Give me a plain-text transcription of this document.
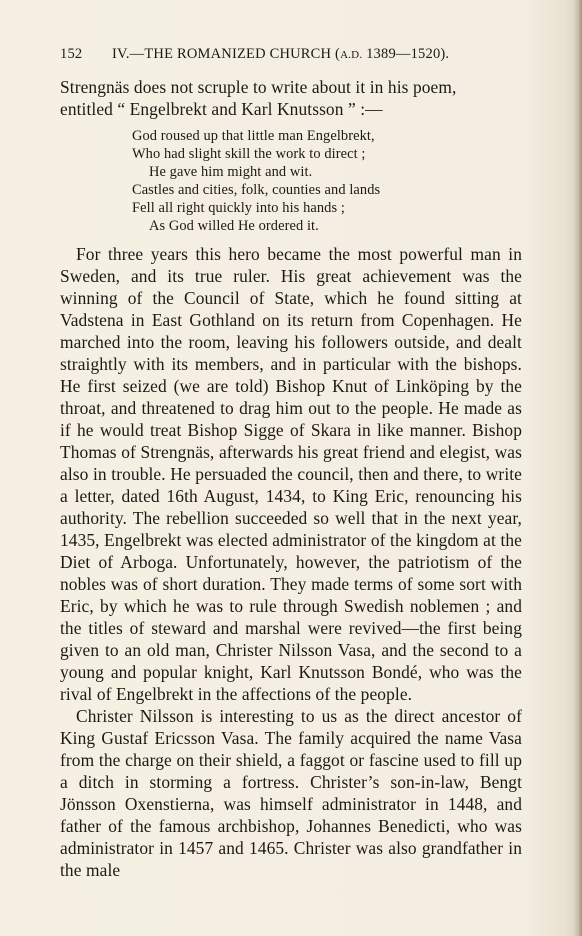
152	IV.—THE ROMANIZED CHURCH (A.D. 1389—1520).

Strengnäs does not scruple to write about it in his poem,
entitled “ Engelbrekt and Karl Knutsson ” :—

God roused up that little man Engelbrekt,
Who had slight skill the work to direct ;
He gave him might and wit.
Castles and cities, folk, counties and lands
Fell all right quickly into his hands ;
As God willed He ordered it.

For three years this hero became the most powerful man in Sweden, and its true ruler. His great achievement was the winning of the Council of State, which he found sitting at Vadstena in East Gothland on its return from Copenhagen. He marched into the room, leaving his followers outside, and dealt straightly with its members, and in particular with the bishops. He first seized (we are told) Bishop Knut of Linköping by the throat, and threatened to drag him out to the people. He made as if he would treat Bishop Sigge of Skara in like manner. Bishop Thomas of Strengnäs, afterwards his great friend and elegist, was also in trouble. He persuaded the council, then and there, to write a letter, dated 16th August, 1434, to King Eric, renouncing his authority. The rebellion succeeded so well that in the next year, 1435, Engelbrekt was elected administrator of the kingdom at the Diet of Arboga. Unfortunately, however, the patriotism of the nobles was of short duration. They made terms of some sort with Eric, by which he was to rule through Swedish noblemen ; and the titles of steward and marshal were revived—the first being given to an old man, Christer Nilsson Vasa, and the second to a young and popular knight, Karl Knutsson Bondé, who was the rival of Engelbrekt in the affections of the people.

Christer Nilsson is interesting to us as the direct ancestor of King Gustaf Ericsson Vasa. The family acquired the name Vasa from the charge on their shield, a faggot or fascine used to fill up a ditch in storming a fortress. Christer’s son-in-law, Bengt Jönsson Oxenstierna, was himself administrator in 1448, and father of the famous archbishop, Johannes Benedicti, who was administrator in 1457 and 1465. Christer was also grandfather in the male
